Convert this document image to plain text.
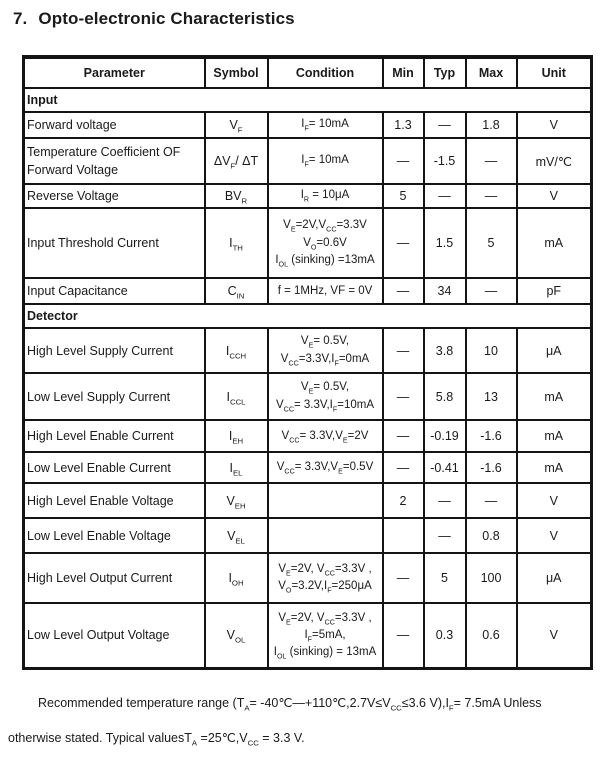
7. Opto-electronic Characteristics
Parameter	Symbol	Condition	Min	Typ	Max	Unit
Input						
Forward voltage	$V_F$	$I_F= 10mA$	1.3	—	1.8	V
Temperature Coefficient OF
Forward Voltage	$\Delta V_F/$ ΔT	$I_F= 10mA$	—	-1.5	—	mV/℃
Reverse Voltage	$BV_R$	$I_R = 10\mu A$	5	—	—	V
Input Threshold Current	$I_{TH}$	$V_E=2V,V_{CC}=3.3V$
$V_O=0.6V$
$I_{OL}$ (sinking) =13mA	—	1.5	5	mA
Input Capacitance	$C_{IN}$	f = 1MHz, VF = 0V	—	34	—	pF
Detector						
High Level Supply Current	$I_{CCH}$	$V_E= 0.5V$,
$V_{CC}=3.3V,I_F=0mA$	—	3.8	10	μA
Low Level Supply Current	$I_{CCL}$	$V_E= 0.5V$,
$V_{CC}= 3.3V,I_F=10mA$	—	5.8	13	mA
High Level Enable Current	$I_{EH}$	$V_{CC}= 3.3V,V_E=2V$	—	-0.19	-1.6	mA
Low Level Enable Current	$I_{EL}$	$V_{CC}= 3.3V,V_E=0.5V$	—	-0.41	-1.6	mA
High Level Enable Voltage	$V_{EH}$		2	—	—	V
Low Level Enable Voltage	$V_{EL}$			—	0.8	V
High Level Output Current	$I_{OH}$	$V_E=2V$, $V_{CC}=3.3V$ ,
$V_O=3.2V,I_F=250\mu A$	—	5	100	μA
Low Level Output Voltage	$V_{OL}$	$V_E=2V$, $V_{CC}=3.3V$ ,
$I_F=5mA$,
$I_{OL}$ (sinking) = 13mA	—	0.3	0.6	V

Recommended temperature range ($T_A=$ $-40℃—+110℃,2.7V\le V_{CC}\le 3.6$ $V),I_F= 7.5mA$ Unless

otherwise stated. Typical valuesT$_A$ $=25℃,V_{CC} = 3.3$ V.
